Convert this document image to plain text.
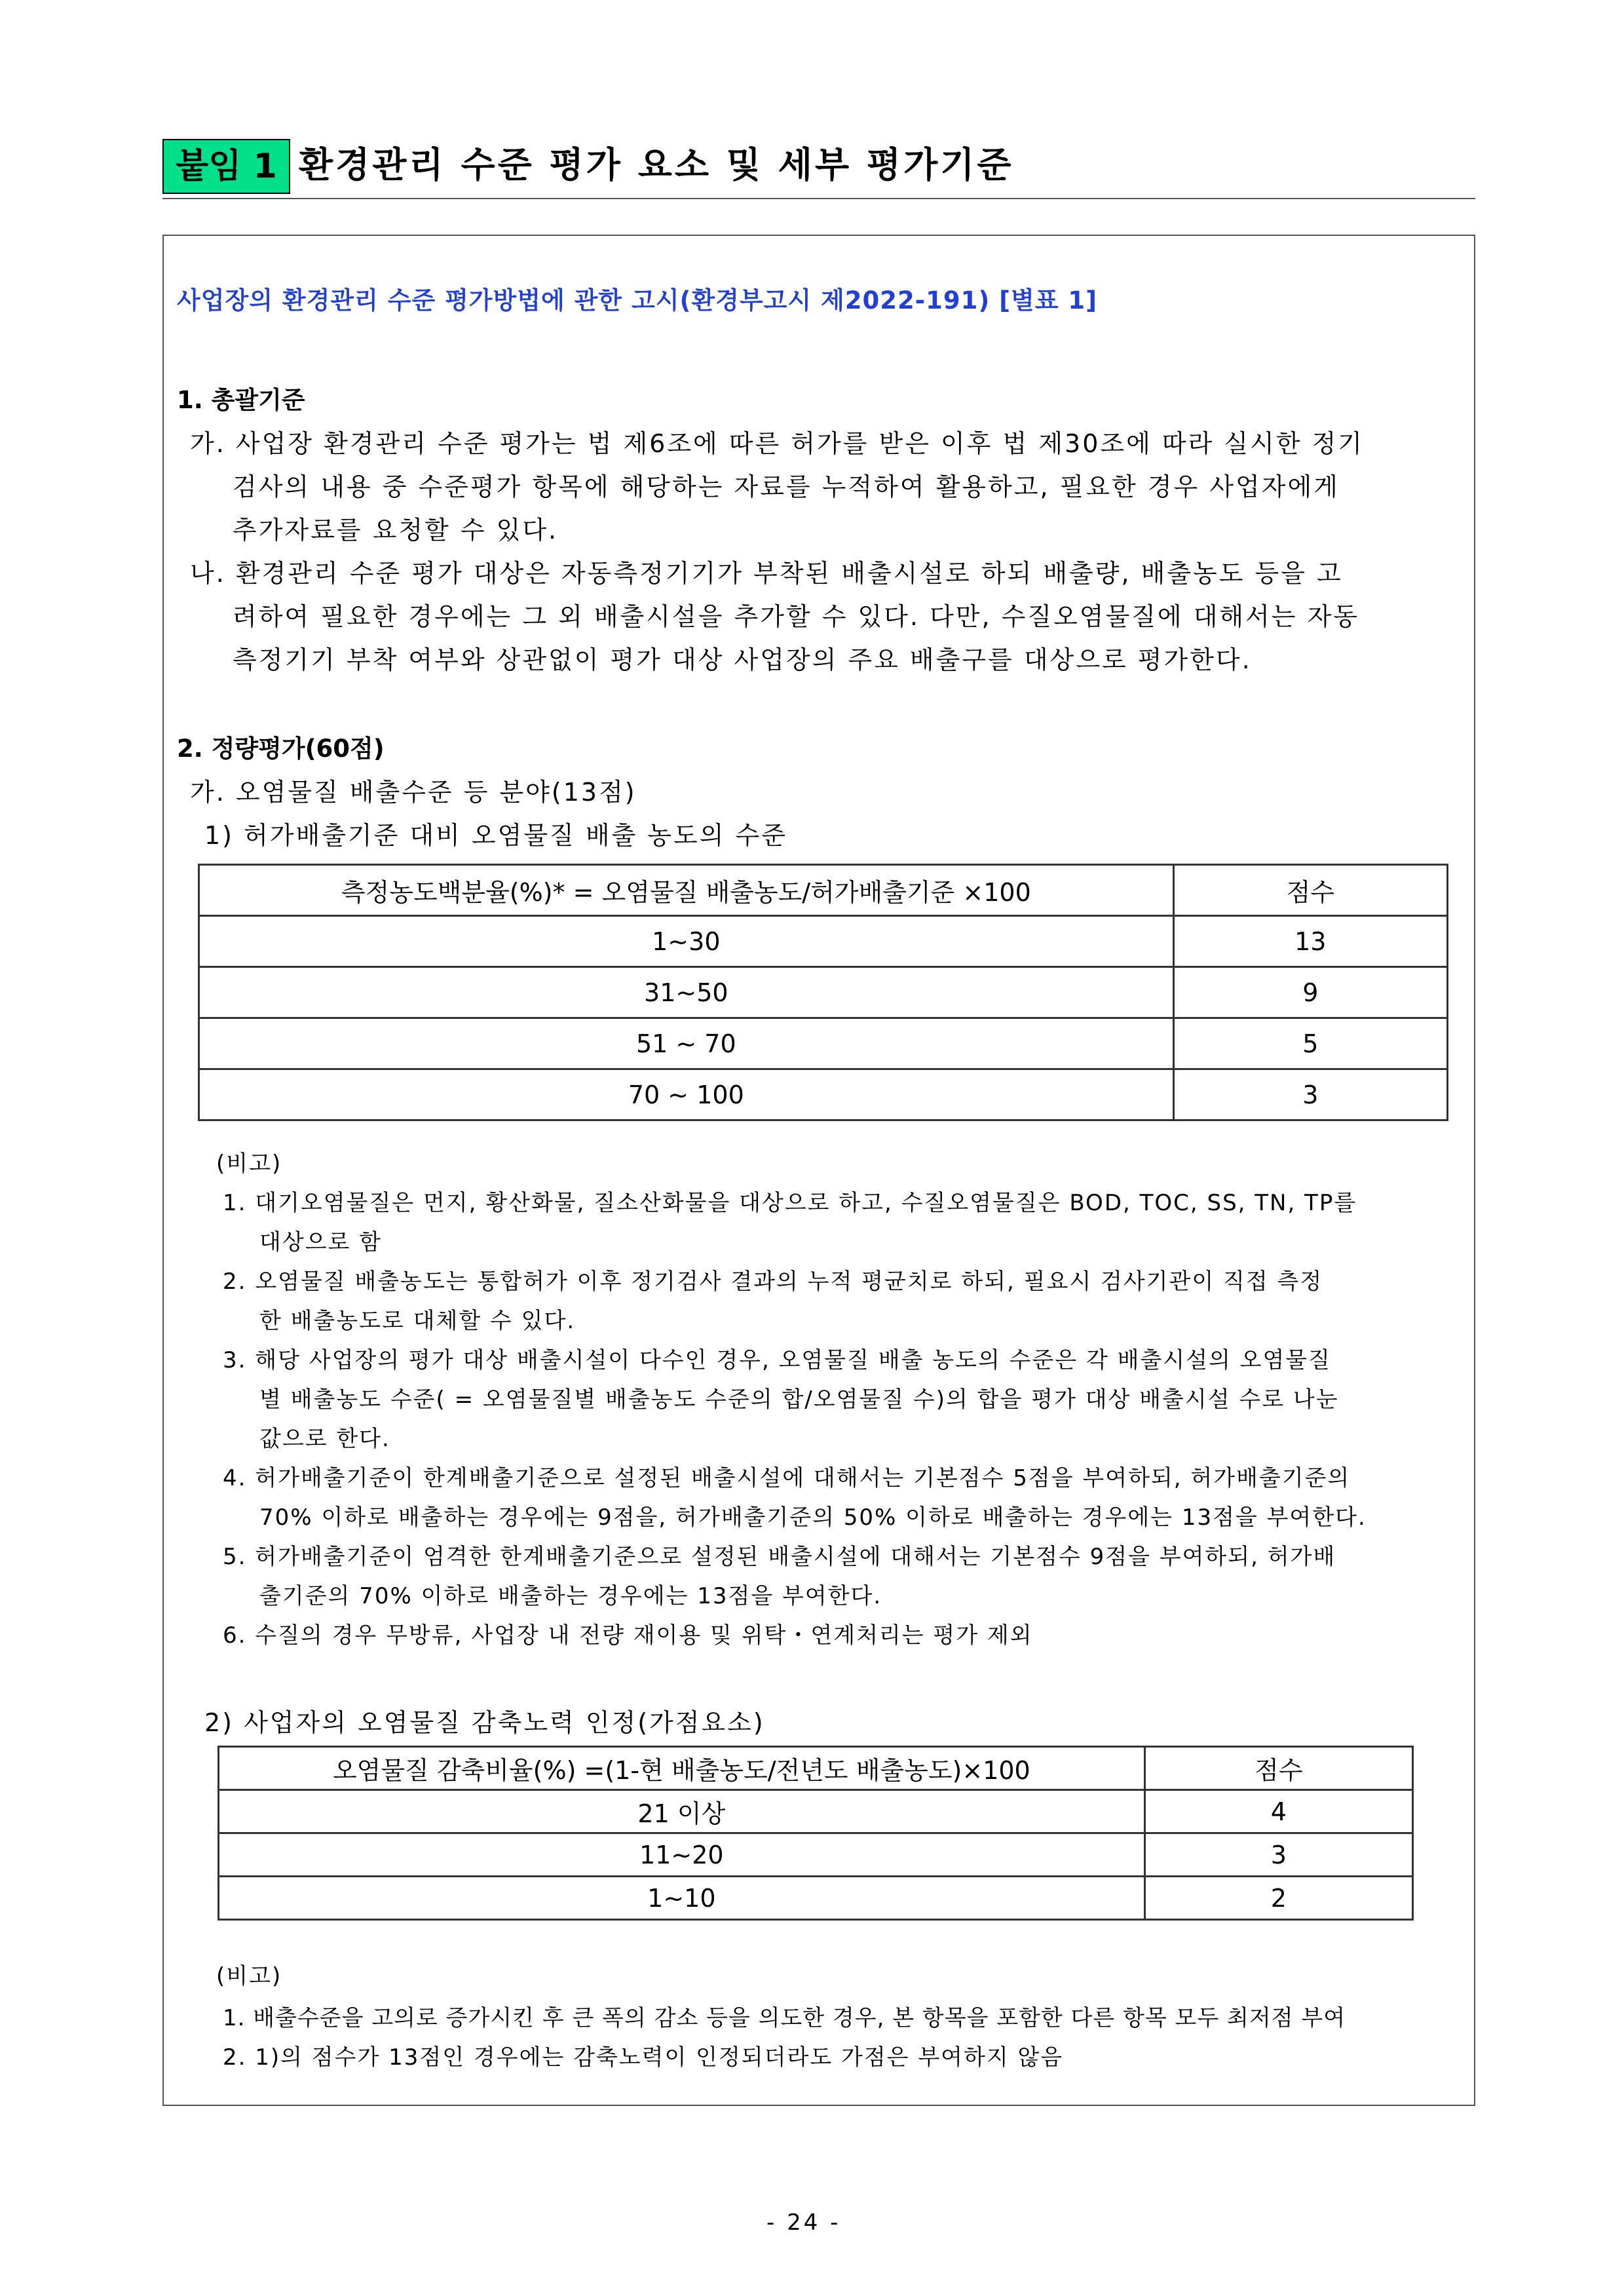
붙임 1 환경관리 수준 평가 요소 및 세부 평가기준
사업장의 환경관리 수준 평가방법에 관한 고시(환경부고시 제2022-191) [별표 1]
1. 총괄기준
가. 사업장 환경관리 수준 평가는 법 제6조에 따른 허가를 받은 이후 법 제30조에 따라 실시한 정기
검사의 내용 중 수준평가 항목에 해당하는 자료를 누적하여 활용하고, 필요한 경우 사업자에게
추가자료를 요청할 수 있다.
나. 환경관리 수준 평가 대상은 자동측정기기가 부착된 배출시설로 하되 배출량, 배출농도 등을 고
려하여 필요한 경우에는 그 외 배출시설을 추가할 수 있다. 다만, 수질오염물질에 대해서는 자동
측정기기 부착 여부와 상관없이 평가 대상 사업장의 주요 배출구를 대상으로 평가한다.
2. 정량평가(60점)
가. 오염물질 배출수준 등 분야(13점)
1) 허가배출기준 대비 오염물질 배출 농도의 수준
측정농도백분율(%)* = 오염물질 배출농도/허가배출기준 ×100	점수
1~30	13
31~50	9
51 ~ 70	5
70 ~ 100	3
(비고)
1. 대기오염물질은 먼지, 황산화물, 질소산화물을 대상으로 하고, 수질오염물질은 BOD, TOC, SS, TN, TP를
대상으로 함
2. 오염물질 배출농도는 통합허가 이후 정기검사 결과의 누적 평균치로 하되, 필요시 검사기관이 직접 측정
한 배출농도로 대체할 수 있다.
3. 해당 사업장의 평가 대상 배출시설이 다수인 경우, 오염물질 배출 농도의 수준은 각 배출시설의 오염물질
별 배출농도 수준( = 오염물질별 배출농도 수준의 합/오염물질 수)의 합을 평가 대상 배출시설 수로 나눈
값으로 한다.
4. 허가배출기준이 한계배출기준으로 설정된 배출시설에 대해서는 기본점수 5점을 부여하되, 허가배출기준의
70% 이하로 배출하는 경우에는 9점을, 허가배출기준의 50% 이하로 배출하는 경우에는 13점을 부여한다.
5. 허가배출기준이 엄격한 한계배출기준으로 설정된 배출시설에 대해서는 기본점수 9점을 부여하되, 허가배
출기준의 70% 이하로 배출하는 경우에는 13점을 부여한다.
6. 수질의 경우 무방류, 사업장 내 전량 재이용 및 위탁・연계처리는 평가 제외
2) 사업자의 오염물질 감축노력 인정(가점요소)
오염물질 감축비율(%) =(1-현 배출농도/전년도 배출농도)×100	점수
21 이상	4
11~20	3
1~10	2
(비고)
1. 배출수준을 고의로 증가시킨 후 큰 폭의 감소 등을 의도한 경우, 본 항목을 포함한 다른 항목 모두 최저점 부여
2. 1)의 점수가 13점인 경우에는 감축노력이 인정되더라도 가점은 부여하지 않음
- 24 -
